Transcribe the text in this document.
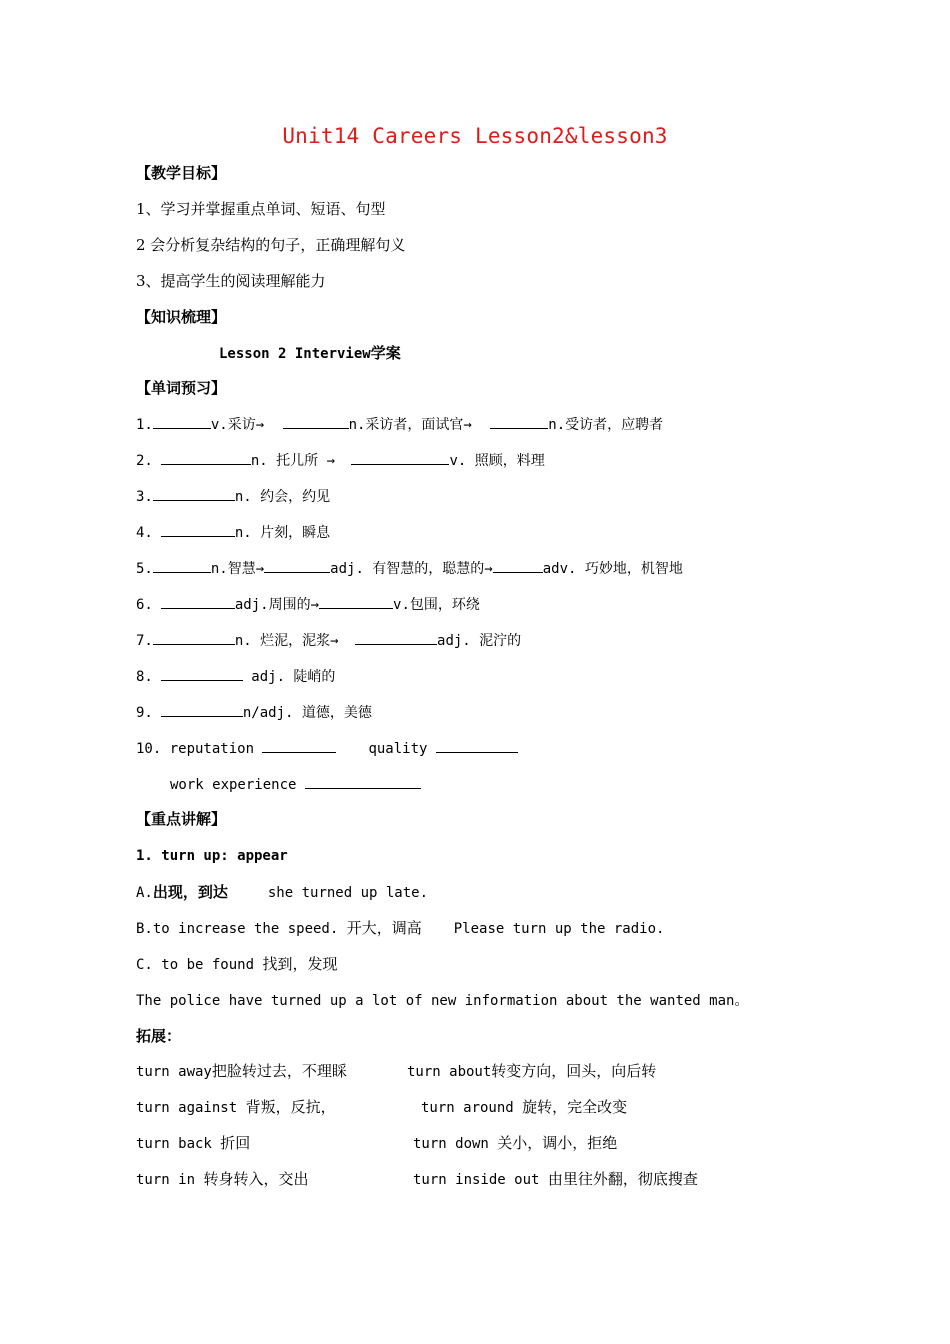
Unit14 Careers Lesson2&lesson3
【教学目标】
1、学习并掌握重点单词、短语、句型
2 会分析复杂结构的句子，正确理解句义
3、提高学生的阅读理解能力
【知识梳理】
Lesson 2 Interview学案
【单词预习】
1.	v.采访→	n.采访者，面试官→	n.受访者，应聘者
2.	n. 托儿所 →	v. 照顾，料理
3.	n. 约会，约见
4.	n. 片刻，瞬息
5.	n.智慧→	adj. 有智慧的，聪慧的→	adv. 巧妙地，机智地
6.	adj.周围的→	v.包围，环绕
7.	n. 烂泥，泥浆→	adj. 泥泞的
8.	adj. 陡峭的
9.	n/adj. 道德，美德
10. reputation	quality
work experience
【重点讲解】
1. turn up: appear
A.出现，到达	she turned up late.
B.to increase the speed. 开大，调高 Please turn up the radio.
C. to be found 找到，发现
The police have turned up a lot of new information about the wanted man。
拓展：
turn away把脸转过去，不理睬	turn about转变方向，回头，向后转
turn against 背叛，反抗，	turn around 旋转，完全改变
turn back 折回	turn down 关小，调小，拒绝
turn in 转身转入，交出	turn inside out 由里往外翻，彻底搜查
